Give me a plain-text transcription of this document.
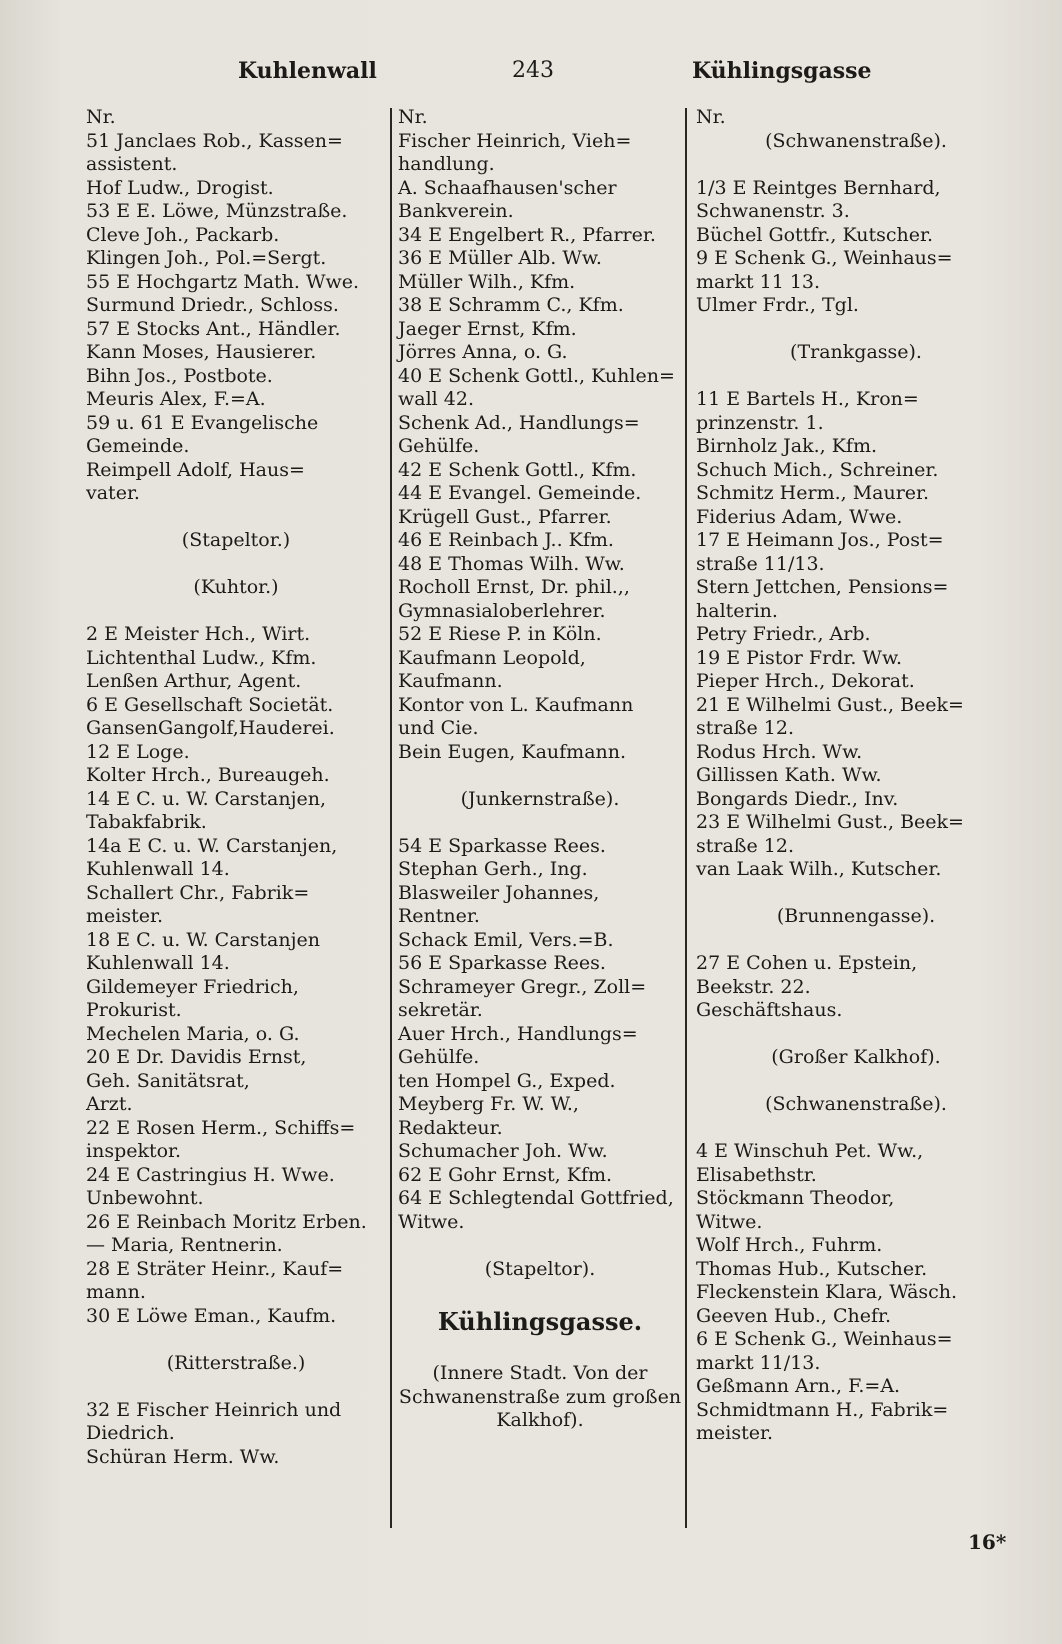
Kuhlenwall	243	Kühlingsgasse
Nr.
51 Janclaes Rob., Kassen=
assistent.
Hof Ludw., Drogist.
53 E E. Löwe, Münzstraße.
Cleve Joh., Packarb.
Klingen Joh., Pol.=Sergt.
55 E Hochgartz Math. Wwe.
Surmund Driedr., Schloss.
57 E Stocks Ant., Händler.
Kann Moses, Hausierer.
Bihn Jos., Postbote.
Meuris Alex, F.=A.
59 u. 61 E Evangelische
Gemeinde.
Reimpell Adolf, Haus=
vater.
(Stapeltor.)
(Kuhtor.)
2 E Meister Hch., Wirt.
Lichtenthal Ludw., Kfm.
Lenßen Arthur, Agent.
6 E Gesellschaft Societät.
GansenGangolf,Hauderei.
12 E Loge.
Kolter Hrch., Bureaugeh.
14 E C. u. W. Carstanjen,
Tabakfabrik.
14a E C. u. W. Carstanjen,
Kuhlenwall 14.
Schallert Chr., Fabrik=
meister.
18 E C. u. W. Carstanjen
Kuhlenwall 14.
Gildemeyer Friedrich,
Prokurist.
Mechelen Maria, o. G.
20 E Dr. Davidis Ernst,
Geh. Sanitätsrat,
Arzt.
22 E Rosen Herm., Schiffs=
inspektor.
24 E Castringius H. Wwe.
Unbewohnt.
26 E Reinbach Moritz Erben.
— Maria, Rentnerin.
28 E Sträter Heinr., Kauf=
mann.
30 E Löwe Eman., Kaufm.
(Ritterstraße.)
32 E Fischer Heinrich und
Diedrich.
Schüran Herm. Ww.
Nr.
Fischer Heinrich, Vieh=
handlung.
A. Schaafhausen'scher
Bankverein.
34 E Engelbert R., Pfarrer.
36 E Müller Alb. Ww.
Müller Wilh., Kfm.
38 E Schramm C., Kfm.
Jaeger Ernst, Kfm.
Jörres Anna, o. G.
40 E Schenk Gottl., Kuhlen=
wall 42.
Schenk Ad., Handlungs=
Gehülfe.
42 E Schenk Gottl., Kfm.
44 E Evangel. Gemeinde.
Krügell Gust., Pfarrer.
46 E Reinbach J.. Kfm.
48 E Thomas Wilh. Ww.
Rocholl Ernst, Dr. phil.,,
Gymnasialoberlehrer.
52 E Riese P. in Köln.
Kaufmann Leopold,
Kaufmann.
Kontor von L. Kaufmann
und Cie.
Bein Eugen, Kaufmann.
(Junkernstraße).
54 E Sparkasse Rees.
Stephan Gerh., Ing.
Blasweiler Johannes,
Rentner.
Schack Emil, Vers.=B.
56 E Sparkasse Rees.
Schrameyer Gregr., Zoll=
sekretär.
Auer Hrch., Handlungs=
Gehülfe.
ten Hompel G., Exped.
Meyberg Fr. W. W.,
Redakteur.
Schumacher Joh. Ww.
62 E Gohr Ernst, Kfm.
64 E Schlegtendal Gottfried,
Witwe.
(Stapeltor).
Kühlingsgasse.
(Innere Stadt. Von der
Schwanenstraße zum großen
Kalkhof).
Nr.
(Schwanenstraße).
1/3 E Reintges Bernhard,
Schwanenstr. 3.
Büchel Gottfr., Kutscher.
9 E Schenk G., Weinhaus=
markt 11 13.
Ulmer Frdr., Tgl.
(Trankgasse).
11 E Bartels H., Kron=
prinzenstr. 1.
Birnholz Jak., Kfm.
Schuch Mich., Schreiner.
Schmitz Herm., Maurer.
Fiderius Adam, Wwe.
17 E Heimann Jos., Post=
straße 11/13.
Stern Jettchen, Pensions=
halterin.
Petry Friedr., Arb.
19 E Pistor Frdr. Ww.
Pieper Hrch., Dekorat.
21 E Wilhelmi Gust., Beek=
straße 12.
Rodus Hrch. Ww.
Gillissen Kath. Ww.
Bongards Diedr., Inv.
23 E Wilhelmi Gust., Beek=
straße 12.
van Laak Wilh., Kutscher.
(Brunnengasse).
27 E Cohen u. Epstein,
Beekstr. 22.
Geschäftshaus.
(Großer Kalkhof).
(Schwanenstraße).
4 E Winschuh Pet. Ww.,
Elisabethstr.
Stöckmann Theodor,
Witwe.
Wolf Hrch., Fuhrm.
Thomas Hub., Kutscher.
Fleckenstein Klara, Wäsch.
Geeven Hub., Chefr.
6 E Schenk G., Weinhaus=
markt 11/13.
Geßmann Arn., F.=A.
Schmidtmann H., Fabrik=
meister.
16*
